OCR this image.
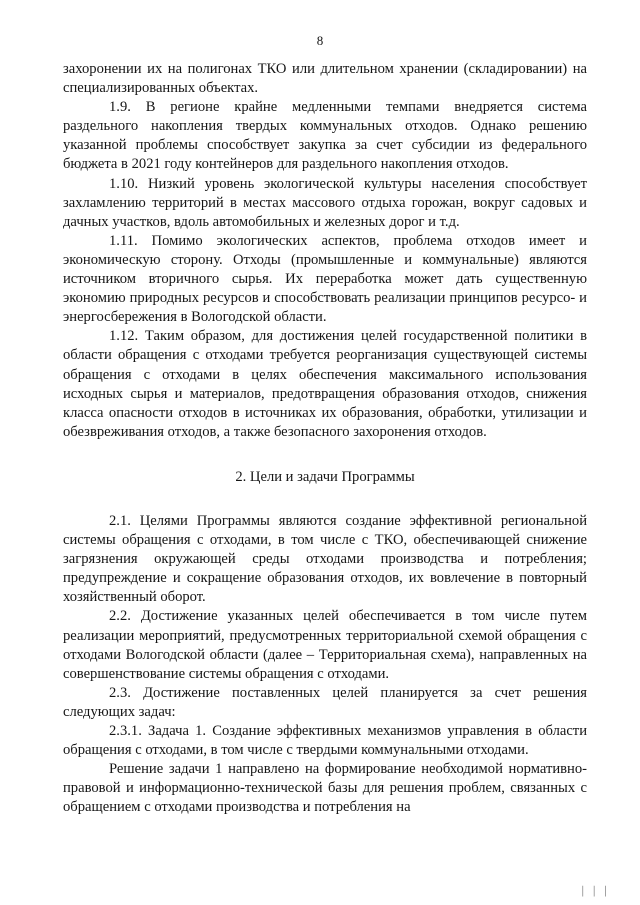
8

захоронении их на полигонах ТКО или длительном хранении (складировании) на специализированных объектах.

1.9. В регионе крайне медленными темпами внедряется система раздельного накопления твердых коммунальных отходов. Однако решению указанной проблемы способствует закупка за счет субсидии из федерального бюджета в 2021 году контейнеров для раздельного накопления отходов.

1.10. Низкий уровень экологической культуры населения способствует захламлению территорий в местах массового отдыха горожан, вокруг садовых и дачных участков, вдоль автомобильных и железных дорог и т.д.

1.11. Помимо экологических аспектов, проблема отходов имеет и экономическую сторону. Отходы (промышленные и коммунальные) являются источником вторичного сырья. Их переработка может дать существенную экономию природных ресурсов и способствовать реализации принципов ресурсо- и энергосбережения в Вологодской области.

1.12. Таким образом, для достижения целей государственной политики в области обращения с отходами требуется реорганизация существующей системы обращения с отходами в целях обеспечения максимального использования исходных сырья и материалов, предотвращения образования отходов, снижения класса опасности отходов в источниках их образования, обработки, утилизации и обезвреживания отходов, а также безопасного захоронения отходов.

2. Цели и задачи Программы

2.1. Целями Программы являются создание эффективной региональной системы обращения с отходами, в том числе с ТКО, обеспечивающей снижение загрязнения окружающей среды отходами производства и потребления; предупреждение и сокращение образования отходов, их вовлечение в повторный хозяйственный оборот.

2.2. Достижение указанных целей обеспечивается в том числе путем реализации мероприятий, предусмотренных территориальной схемой обращения с отходами Вологодской области (далее – Территориальная схема), направленных на совершенствование системы обращения с отходами.

2.3. Достижение поставленных целей планируется за счет решения следующих задач:

2.3.1. Задача 1. Создание эффективных механизмов управления в области обращения с отходами, в том числе с твердыми коммунальными отходами.

Решение задачи 1 направлено на формирование необходимой нормативно-правовой и информационно-технической базы для решения проблем, связанных с обращением с отходами производства и потребления на

׀ ׀ ׀
